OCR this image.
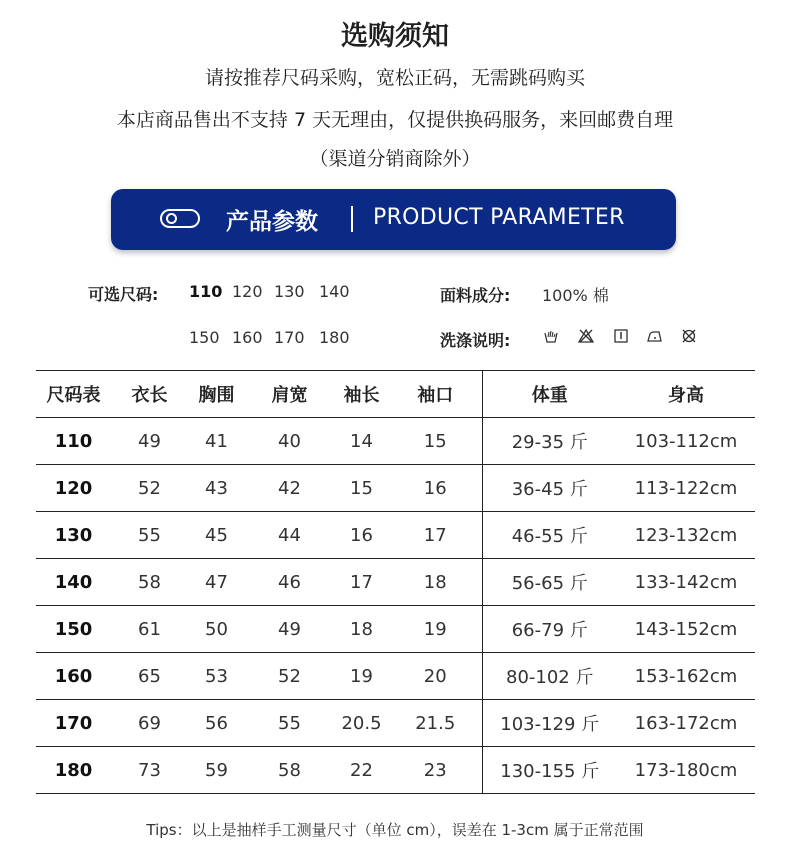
选购须知
请按推荐尺码采购，宽松正码，无需跳码购买
本店商品售出不支持 7 天无理由，仅提供换码服务，来回邮费自理
（渠道分销商除外）
产品参数	PRODUCT PARAMETER
可选尺码: 110 120 130 140
150 160 170 180
面料成分: 100% 棉
洗涤说明:
尺码表	衣长	胸围	肩宽	袖长	袖口	体重	身高
110	49	41	40	14	15	29-35 斤	103-112cm
120	52	43	42	15	16	36-45 斤	113-122cm
130	55	45	44	16	17	46-55 斤	123-132cm
140	58	47	46	17	18	56-65 斤	133-142cm
150	61	50	49	18	19	66-79 斤	143-152cm
160	65	53	52	19	20	80-102 斤	153-162cm
170	69	56	55	20.5	21.5	103-129 斤	163-172cm
180	73	59	58	22	23	130-155 斤	173-180cm
Tips：以上是抽样手工测量尺寸（单位 cm），误差在 1-3cm 属于正常范围
